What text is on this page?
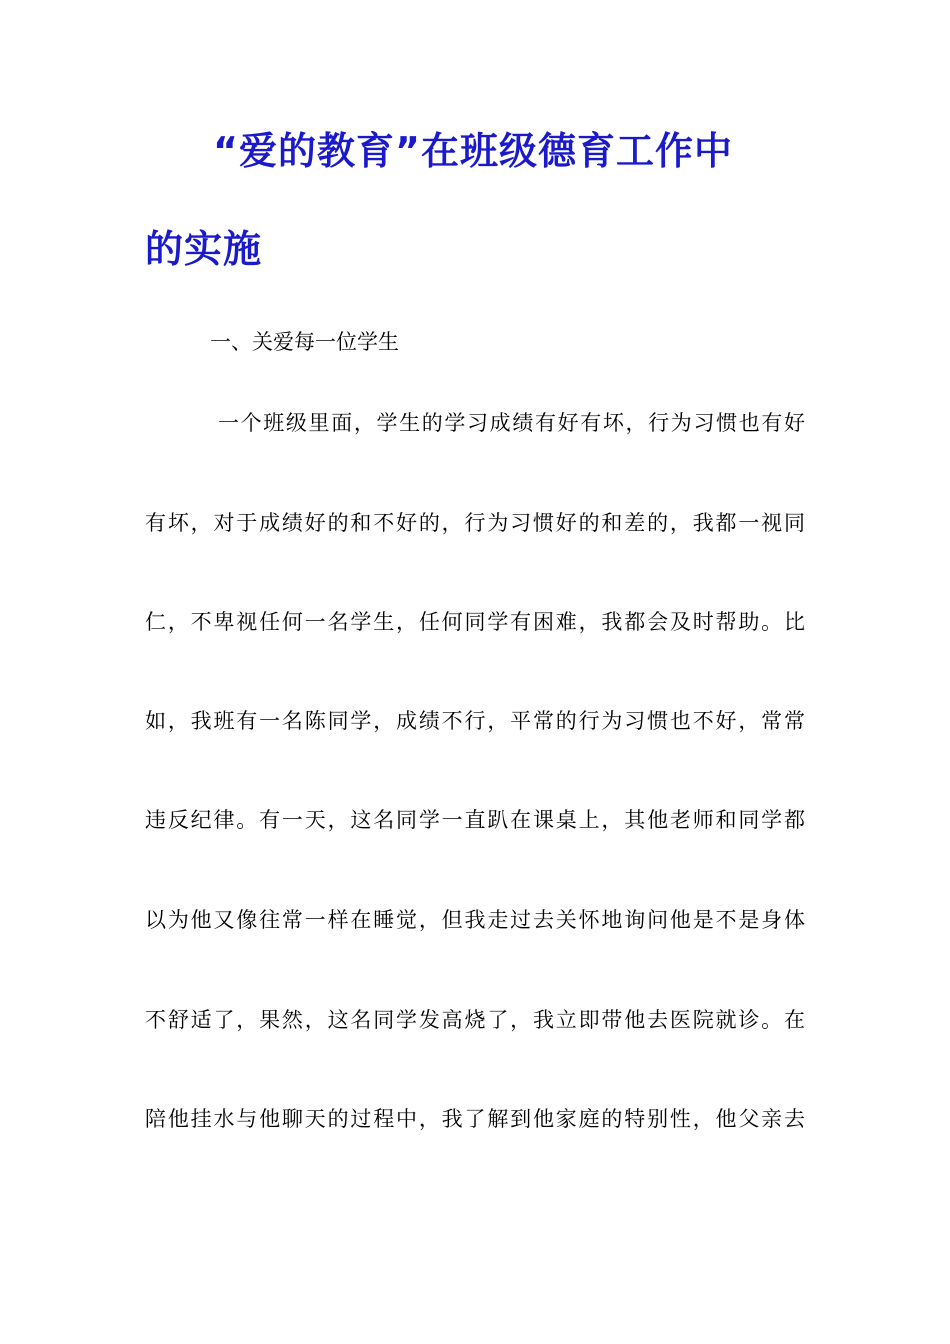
“爱的教育”在班级德育工作中
的实施
一、关爱每一位学生
一个班级里面，学生的学习成绩有好有坏，行为习惯也有好
有坏，对于成绩好的和不好的，行为习惯好的和差的，我都一视同
仁，不卑视任何一名学生，任何同学有困难，我都会及时帮助。比
如，我班有一名陈同学，成绩不行，平常的行为习惯也不好，常常
违反纪律。有一天，这名同学一直趴在课桌上，其他老师和同学都
以为他又像往常一样在睡觉，但我走过去关怀地询问他是不是身体
不舒适了，果然，这名同学发高烧了，我立即带他去医院就诊。在
陪他挂水与他聊天的过程中，我了解到他家庭的特别性，他父亲去
